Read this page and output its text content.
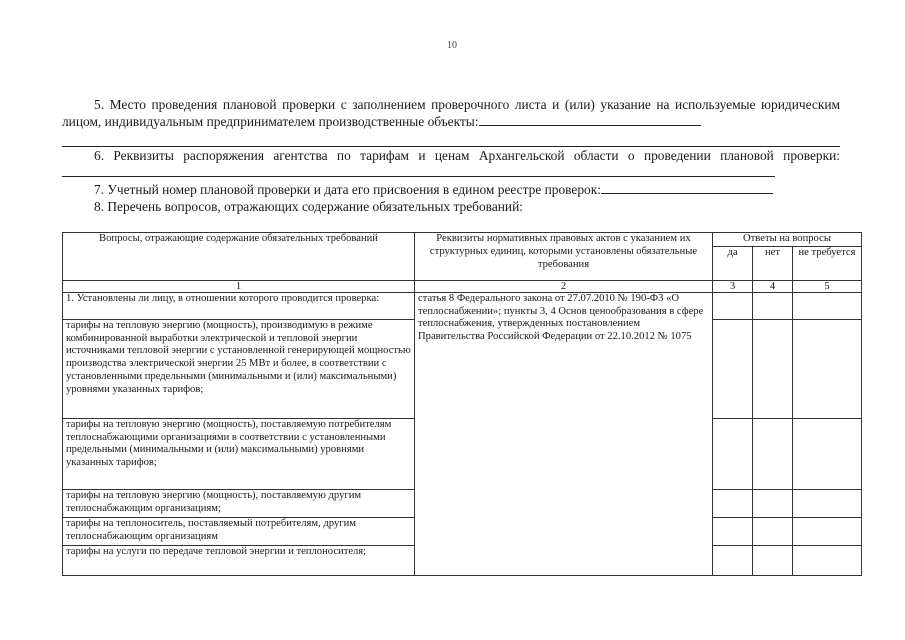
10
5. Место проведения плановой проверки с заполнением проверочного листа и (или) указание на используемые юридическим лицом, индивидуальным предпринимателем производственные объекты:
6. Реквизиты распоряжения агентства по тарифам и ценам Архангельской области о проведении плановой проверки:
7. Учетный номер плановой проверки и дата его присвоения в едином реестре проверок:
8. Перечень вопросов, отражающих содержание обязательных требований:
Вопросы, отражающие содержание обязательных требований	Реквизиты нормативных правовых актов с указанием их структурных единиц, которыми установлены обязательные требования	Ответы на вопросы		
		да	нет	не требуется
1	2	3	4	5
1. Установлены ли лицу, в отношении которого проводится проверка:	статья 8 Федерального закона от 27.07.2010 № 190-ФЗ «О теплоснабжении»; пункты 3, 4 Основ ценообразования в сфере теплоснабжения, утвержденных постановлением Правительства Российской Федерации от 22.10.2012 № 1075			
тарифы на тепловую энергию (мощность), производимую в режиме комбинированной выработки электрической и тепловой энергии источниками тепловой энергии с установленной генерирующей мощностью производства электрической энергии 25 МВт и более, в соответствии с установленными предельными (минимальными и (или) максимальными) уровнями указанных тарифов;				
тарифы на тепловую энергию (мощность), поставляемую потребителям теплоснабжающими организациями в соответствии с установленными предельными (минимальными и (или) максимальными) уровнями указанных тарифов;				
тарифы на тепловую энергию (мощность), поставляемую другим теплоснабжающим организациям;				
тарифы на теплоноситель, поставляемый потребителям, другим теплоснабжающим организациям				
тарифы на услуги по передаче тепловой энергии и теплоносителя;				
